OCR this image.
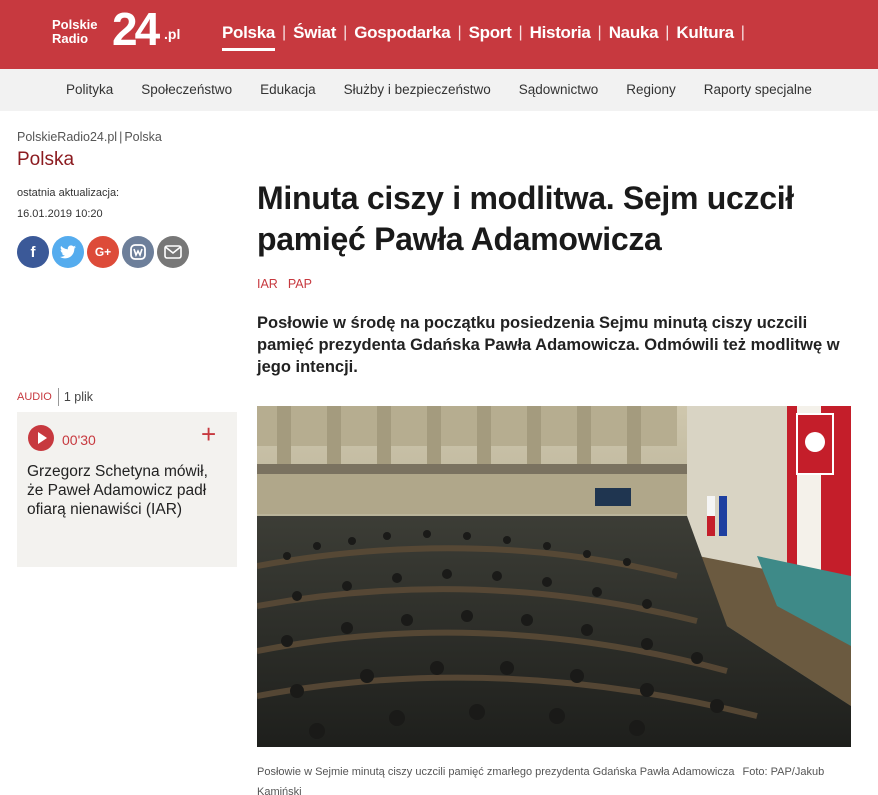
Polskie
Radio 24 .pl Polska | Świat | Gospodarka | Sport | Historia | Nauka | Kultura |
Polityka Społeczeństwo Edukacja Służby i bezpieczeństwo Sądownictwo Regiony Raporty specjalne
PolskieRadio24.pl | Polska
Polska
ostatnia aktualizacja:
16.01.2019 10:20
f	G+
AUDIO 1 plik
00'30	+
Grzegorz Schetyna mówił, że Paweł Adamowicz padł ofiarą nienawiści (IAR)
Minuta ciszy i modlitwa. Sejm uczcił pamięć Pawła Adamowicza
IAR PAP

Posłowie w środę na początku posiedzenia Sejmu minutą ciszy uczcili pamięć prezydenta Gdańska Pawła Adamowicza. Odmówili też modlitwę w jego intencji.

Posłowie w Sejmie minutą ciszy uczcili pamięć zmarłego prezydenta Gdańska Pawła Adamowicza Foto: PAP/Jakub Kamiński
